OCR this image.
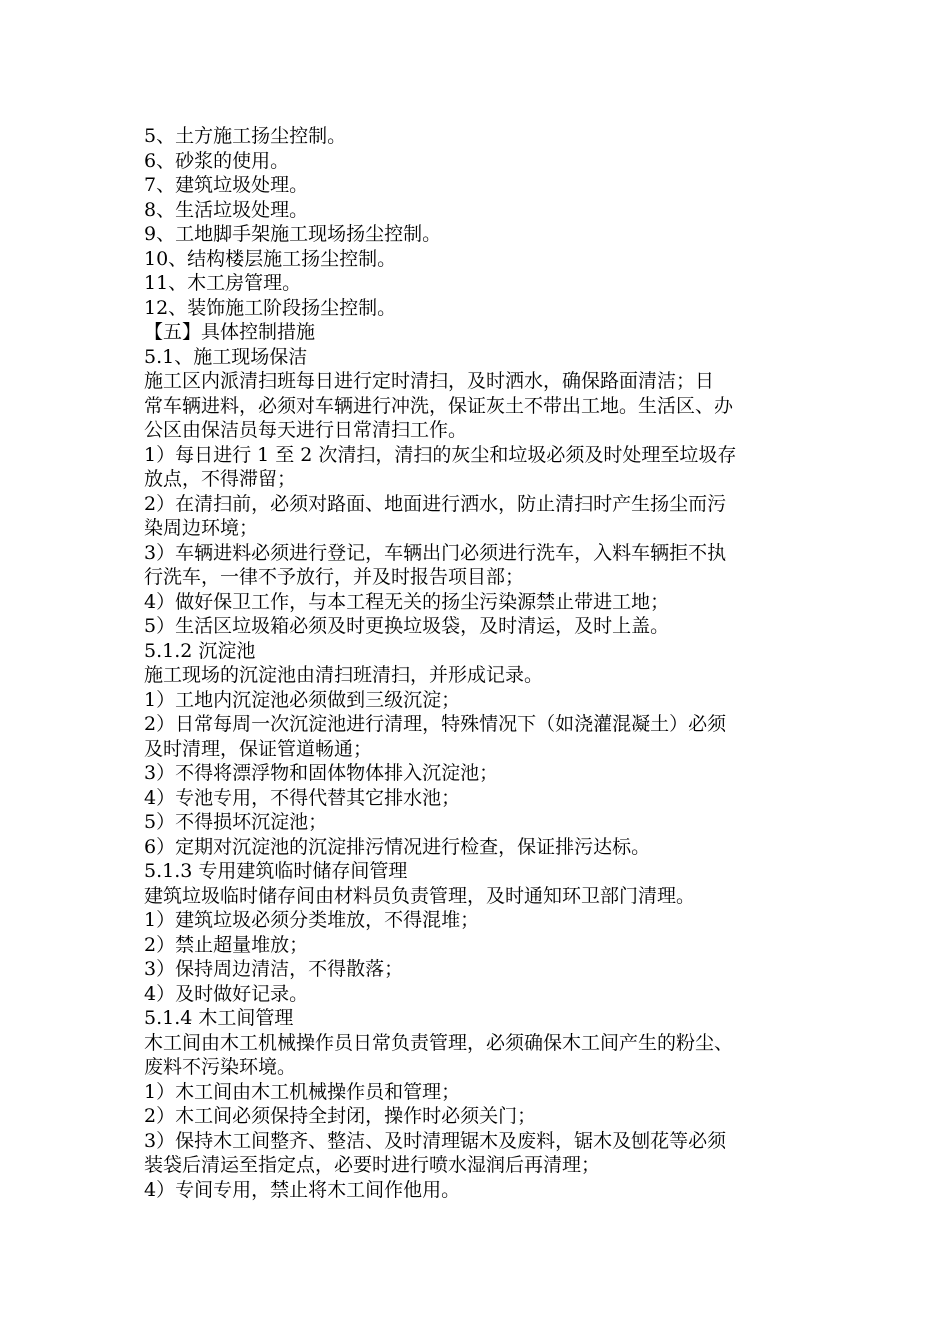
5、土方施工扬尘控制。
6、砂浆的使用。
7、建筑垃圾处理。
8、生活垃圾处理。
9、工地脚手架施工现场扬尘控制。
10、结构楼层施工扬尘控制。
11、木工房管理。
12、装饰施工阶段扬尘控制。
【五】具体控制措施
5.1、施工现场保洁
施工区内派清扫班每日进行定时清扫，及时洒水，确保路面清洁；日
常车辆进料，必须对车辆进行冲洗，保证灰土不带出工地。生活区、办
公区由保洁员每天进行日常清扫工作。
1）每日进行 1 至 2 次清扫，清扫的灰尘和垃圾必须及时处理至垃圾存
放点，不得滞留；
2）在清扫前，必须对路面、地面进行洒水，防止清扫时产生扬尘而污
染周边环境；
3）车辆进料必须进行登记，车辆出门必须进行洗车，入料车辆拒不执
行洗车，一律不予放行，并及时报告项目部；
4）做好保卫工作，与本工程无关的扬尘污染源禁止带进工地；
5）生活区垃圾箱必须及时更换垃圾袋，及时清运，及时上盖。
5.1.2 沉淀池
施工现场的沉淀池由清扫班清扫，并形成记录。
1）工地内沉淀池必须做到三级沉淀；
2）日常每周一次沉淀池进行清理，特殊情况下（如浇灌混凝土）必须
及时清理，保证管道畅通；
3）不得将漂浮物和固体物体排入沉淀池；
4）专池专用，不得代替其它排水池；
5）不得损坏沉淀池；
6）定期对沉淀池的沉淀排污情况进行检查，保证排污达标。
5.1.3 专用建筑临时储存间管理
建筑垃圾临时储存间由材料员负责管理，及时通知环卫部门清理。
1）建筑垃圾必须分类堆放，不得混堆；
2）禁止超量堆放；
3）保持周边清洁，不得散落；
4）及时做好记录。
5.1.4 木工间管理
木工间由木工机械操作员日常负责管理，必须确保木工间产生的粉尘、
废料不污染环境。
1）木工间由木工机械操作员和管理；
2）木工间必须保持全封闭，操作时必须关门；
3）保持木工间整齐、整洁、及时清理锯木及废料，锯木及刨花等必须
装袋后清运至指定点，必要时进行喷水湿润后再清理；
4）专间专用，禁止将木工间作他用。
